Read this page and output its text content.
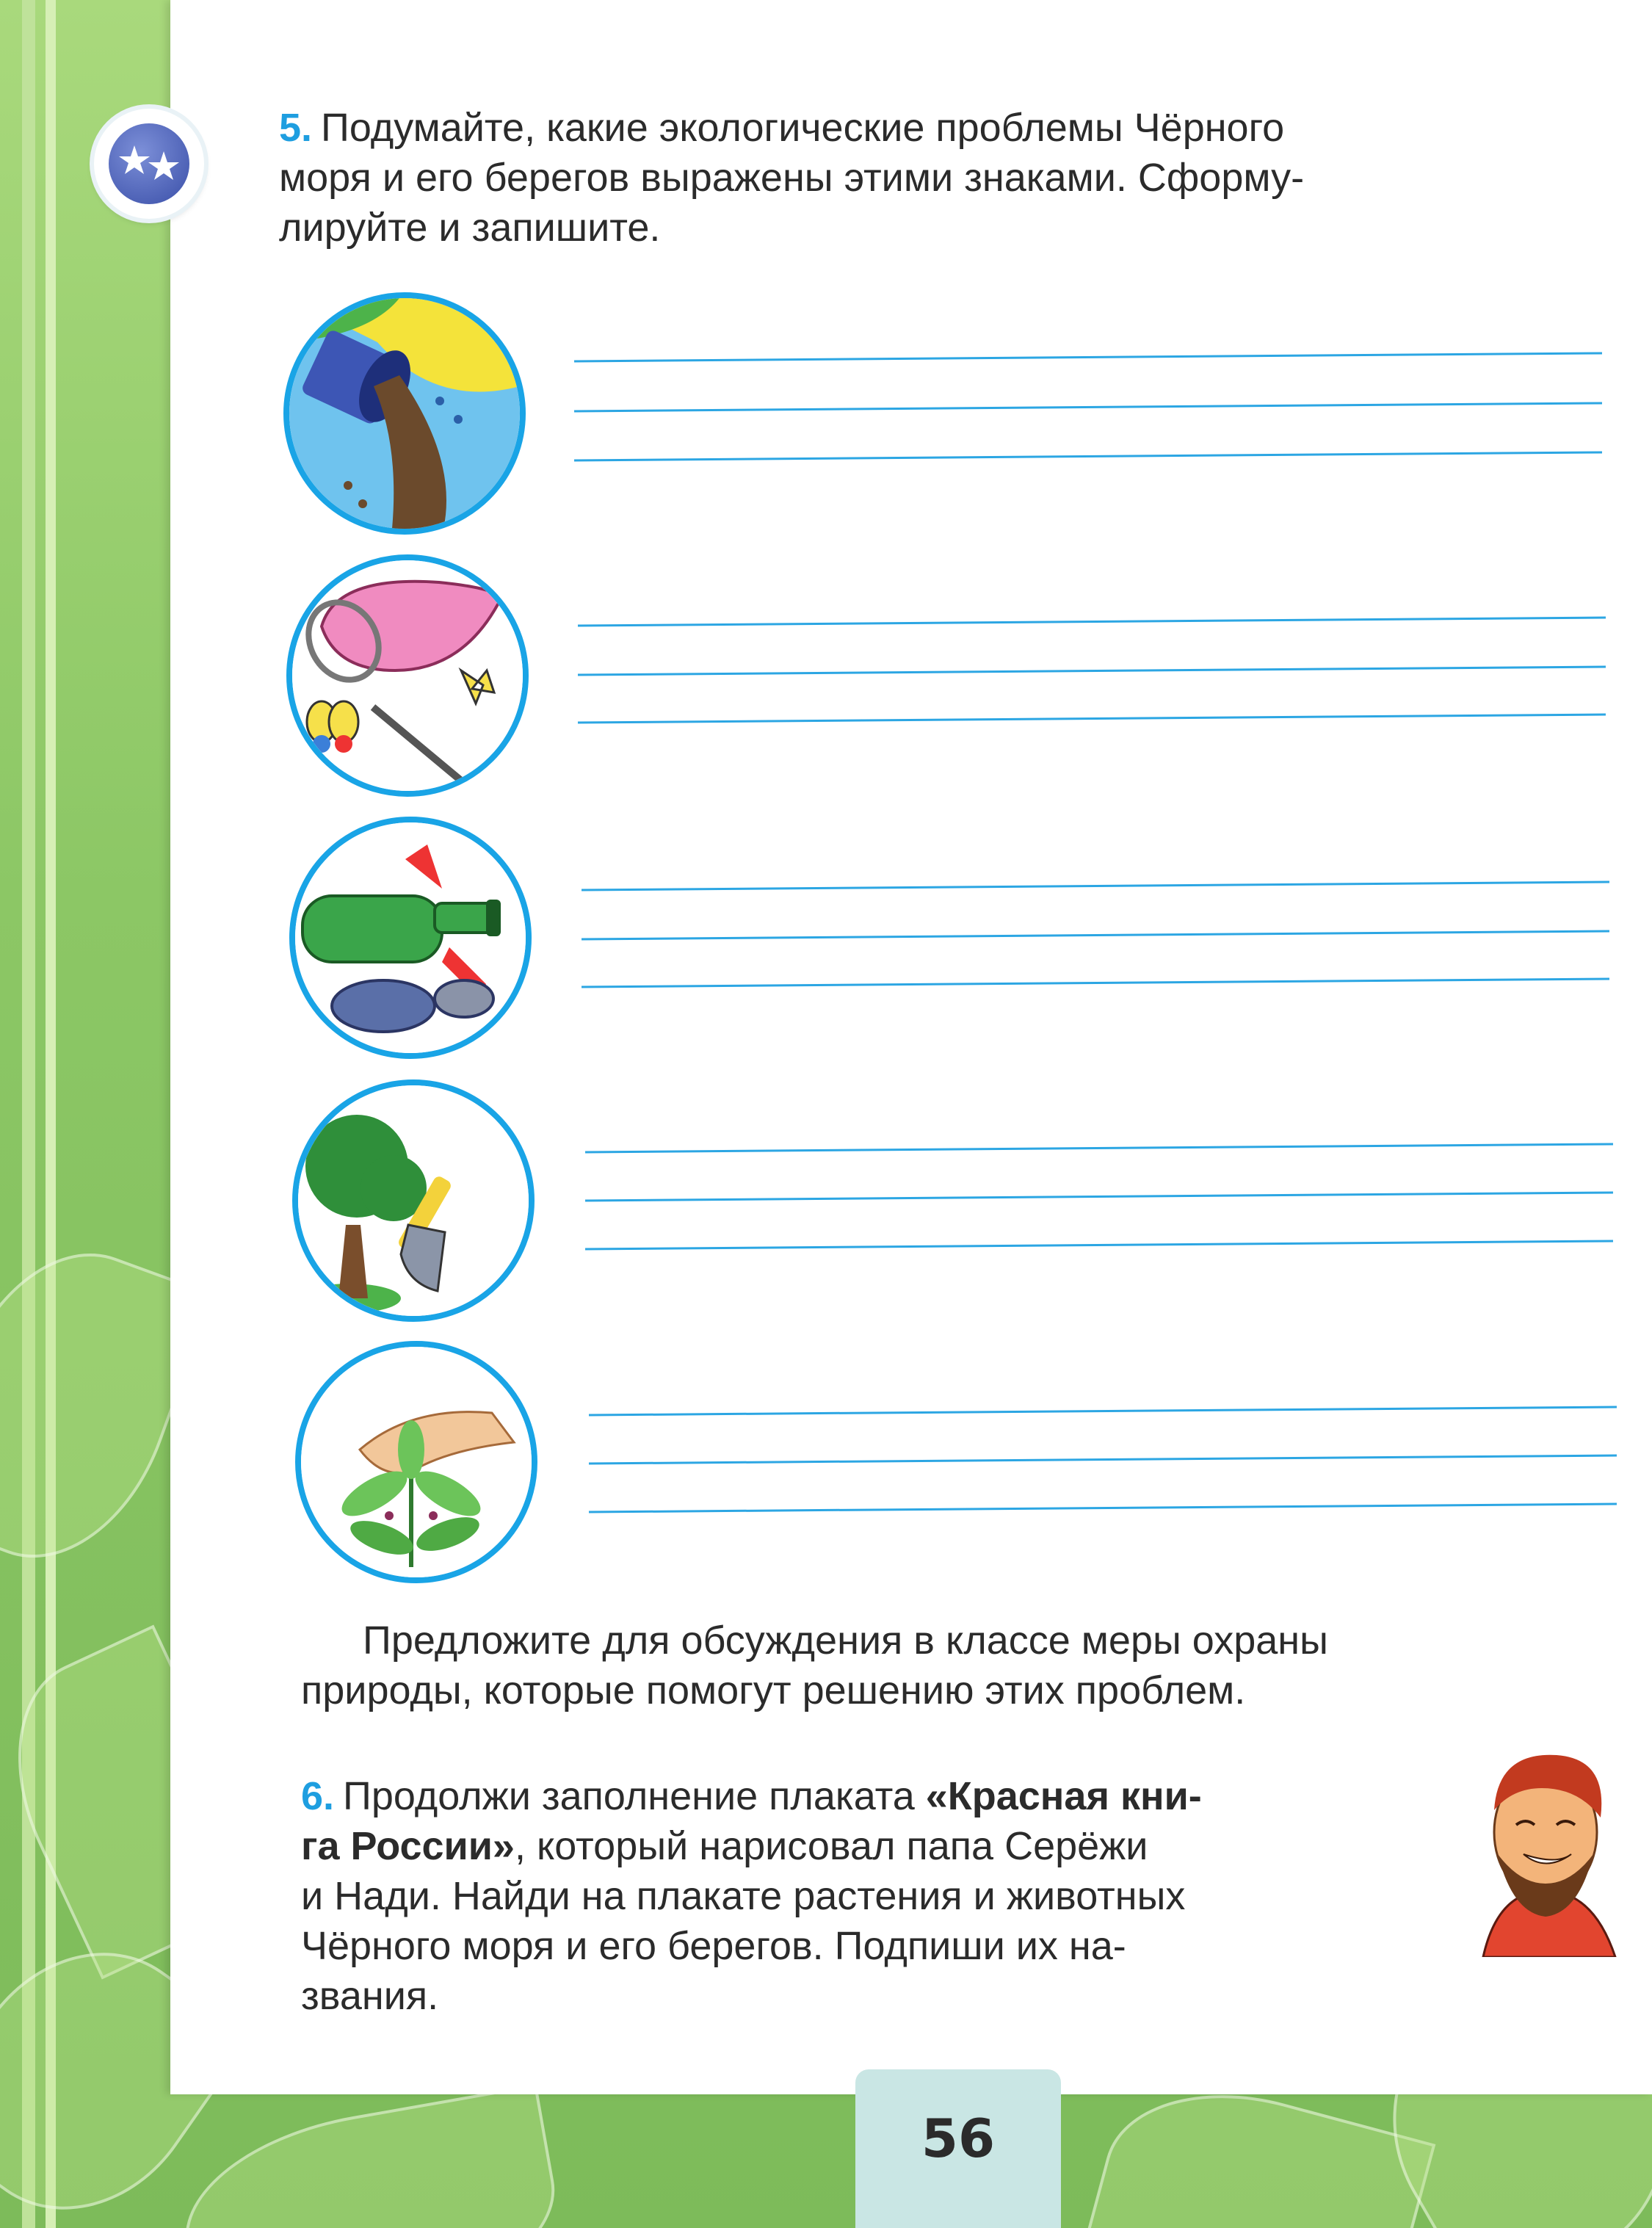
5. Подумайте, какие экологические проблемы Чёрного
моря и его берегов выражены этими знаками. Сформу-
лируйте и запишите.
Предложите для обсуждения в классе меры охраны
природы, которые помогут решению этих проблем.
6. Продолжи заполнение плаката «Красная кни-
га России», который нарисовал папа Серёжи
и Нади. Найди на плакате растения и животных
Чёрного моря и его берегов. Подпиши их на-
звания.
56
